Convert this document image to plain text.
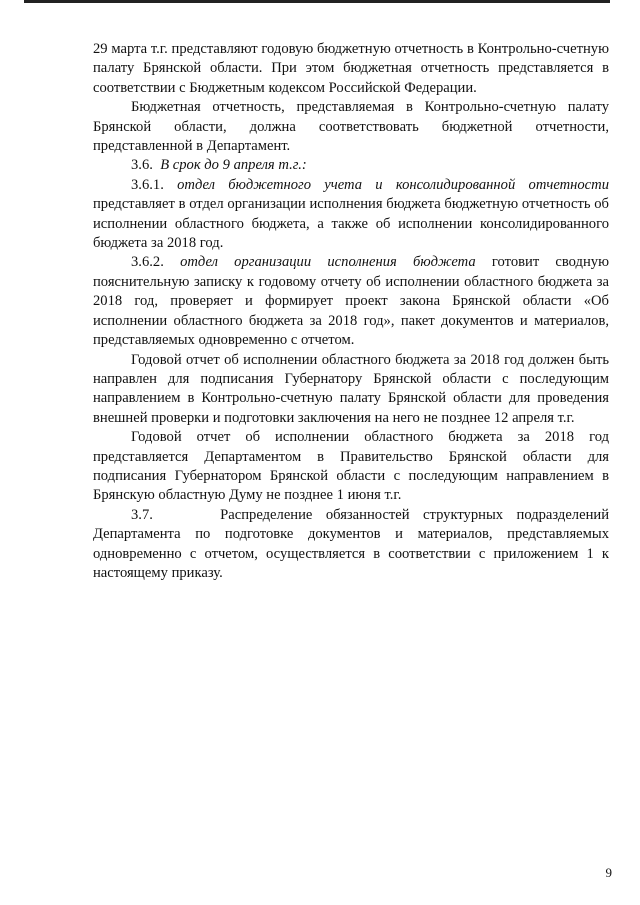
29 марта т.г. представляют годовую бюджетную отчетность в Контрольно-счетную палату Брянской области. При этом бюджетная отчетность представляется в соответствии с Бюджетным кодексом Российской Федерации.

Бюджетная отчетность, представляемая в Контрольно-счетную палату Брянской области, должна соответствовать бюджетной отчетности, представленной в Департамент.

3.6. В срок до 9 апреля т.г.:

3.6.1. отдел бюджетного учета и консолидированной отчетности представляет в отдел организации исполнения бюджета бюджетную отчетность об исполнении областного бюджета, а также об исполнении консолидированного бюджета за 2018 год.

3.6.2. отдел организации исполнения бюджета готовит сводную пояснительную записку к годовому отчету об исполнении областного бюджета за 2018 год, проверяет и формирует проект закона Брянской области «Об исполнении областного бюджета за 2018 год», пакет документов и материалов, представляемых одновременно с отчетом.

Годовой отчет об исполнении областного бюджета за 2018 год должен быть направлен для подписания Губернатору Брянской области с последующим направлением в Контрольно-счетную палату Брянской области для проведения внешней проверки и подготовки заключения на него не позднее 12 апреля т.г.

Годовой отчет об исполнении областного бюджета за 2018 год представляется Департаментом в Правительство Брянской области для подписания Губернатором Брянской области с последующим направлением в Брянскую областную Думу не позднее 1 июня т.г.

3.7.	Распределение обязанностей структурных подразделений Департамента по подготовке документов и материалов, представляемых одновременно с отчетом, осуществляется в соответствии с приложением 1 к настоящему приказу.

9
